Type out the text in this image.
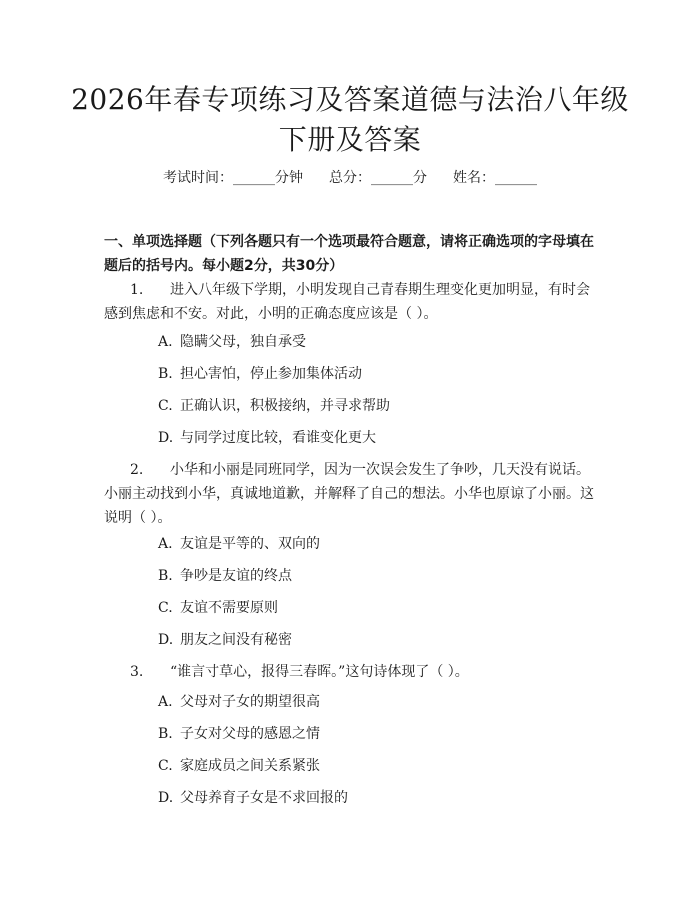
2026年春专项练习及答案道德与法治八年级
下册及答案
考试时间：______分钟 总分：______分 姓名：______
一、单项选择题（下列各题只有一个选项最符合题意，请将正确选项的字母填在题后的括号内。每小题2分，共30分）
1. 进入八年级下学期，小明发现自己青春期生理变化更加明显，有时会感到焦虑和不安。对此，小明的正确态度应该是（ ）。
A. 隐瞒父母，独自承受
B. 担心害怕，停止参加集体活动
C. 正确认识，积极接纳，并寻求帮助
D. 与同学过度比较，看谁变化更大
2. 小华和小丽是同班同学，因为一次误会发生了争吵，几天没有说话。小丽主动找到小华，真诚地道歉，并解释了自己的想法。小华也原谅了小丽。这说明（ ）。
A. 友谊是平等的、双向的
B. 争吵是友谊的终点
C. 友谊不需要原则
D. 朋友之间没有秘密
3. “谁言寸草心，报得三春晖。”这句诗体现了（ ）。
A. 父母对子女的期望很高
B. 子女对父母的感恩之情
C. 家庭成员之间关系紧张
D. 父母养育子女是不求回报的
